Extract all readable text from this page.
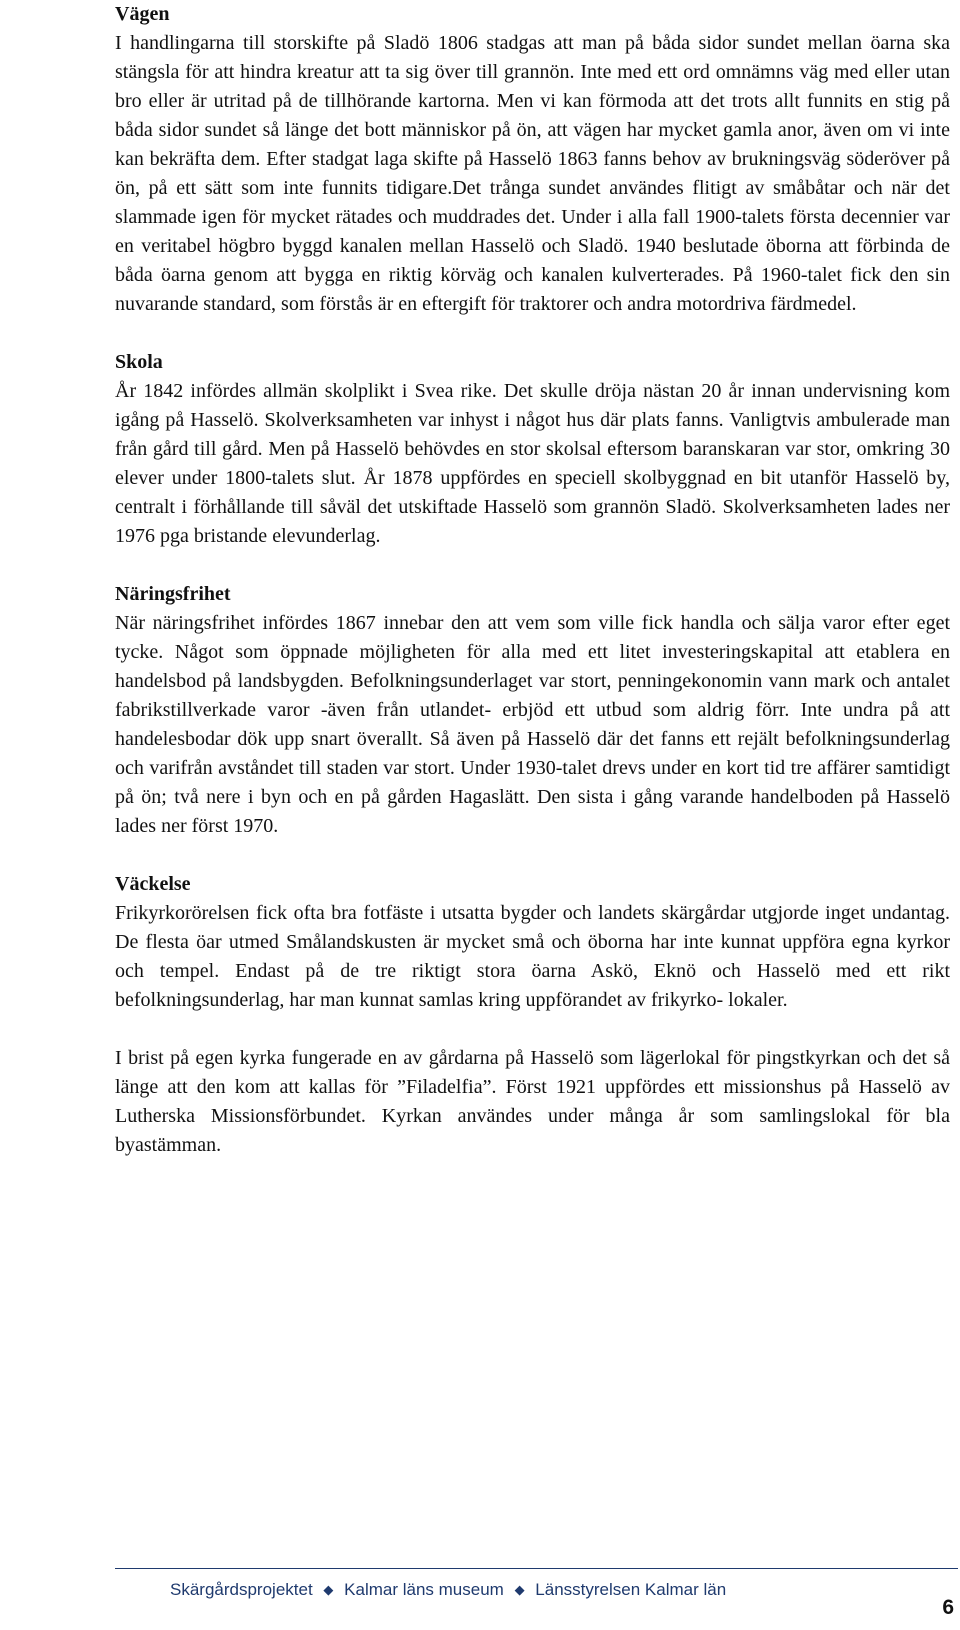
Vägen

I handlingarna till storskifte på Sladö 1806 stadgas att man på båda sidor sundet mellan öarna ska stängsla för att hindra kreatur att ta sig över till grannön. Inte med ett ord omnämns väg med eller utan bro eller är utritad på de tillhörande kartorna. Men vi kan förmoda att det trots allt funnits en stig på båda sidor sundet så länge det bott människor på ön, att vägen har mycket gamla anor, även om vi inte kan bekräfta dem. Efter stadgat laga skifte på Hasselö 1863 fanns behov av brukningsväg söderöver på ön, på ett sätt som inte funnits tidigare.Det trånga sundet användes flitigt av småbåtar och när det slammade igen för mycket rätades och muddrades det. Under i alla fall 1900-talets första decennier var en veritabel högbro byggd kanalen mellan Hasselö och Sladö. 1940 beslutade öborna att förbinda de båda öarna genom att bygga en riktig körväg och kanalen kulverterades. På 1960-talet fick den sin nuvarande standard, som förstås är en eftergift för traktorer och andra motordriva färdmedel.

Skola

År 1842 infördes allmän skolplikt i Svea rike. Det skulle dröja nästan 20 år innan undervisning kom igång på Hasselö. Skolverksamheten var inhyst i något hus där plats fanns. Vanligtvis ambulerade man från gård till gård. Men på Hasselö behövdes en stor skolsal eftersom baranskaran var stor, omkring 30 elever under 1800-talets slut. År 1878 uppfördes en speciell skolbyggnad en bit utanför Hasselö by, centralt i förhållande till såväl det utskiftade Hasselö som grannön Sladö. Skolverksamheten lades ner 1976 pga bristande elevunderlag.

Näringsfrihet

När näringsfrihet infördes 1867 innebar den att vem som ville fick handla och sälja varor efter eget tycke. Något som öppnade möjligheten för alla med ett litet investeringskapital att etablera en handelsbod på landsbygden. Befolkningsunderlaget var stort, penningekonomin vann mark och antalet fabrikstillverkade varor -även från utlandet- erbjöd ett utbud som aldrig förr. Inte undra på att handelesbodar dök upp snart överallt. Så även på Hasselö där det fanns ett rejält befolkningsunderlag och varifrån avståndet till staden var stort. Under 1930-talet drevs under en kort tid tre affärer samtidigt på ön; två nere i byn och en på gården Hagaslätt. Den sista i gång varande handelboden på Hasselö lades ner först 1970.

Väckelse

Frikyrkorörelsen fick ofta bra fotfäste i utsatta bygder och landets skärgårdar utgjorde inget undantag. De flesta öar utmed Smålandskusten är mycket små och öborna har inte kunnat uppföra egna kyrkor och tempel. Endast på de tre riktigt stora öarna Askö, Eknö och Hasselö med ett rikt befolkningsunderlag, har man kunnat samlas kring uppförandet av frikyrko- lokaler.

I brist på egen kyrka fungerade en av gårdarna på Hasselö som lägerlokal för pingstkyrkan och det så länge att den kom att kallas för ”Filadelfia”. Först 1921 uppfördes ett missionshus på Hasselö av Lutherska Missionsförbundet. Kyrkan användes under många år som samlingslokal för bla byastämman.

Skärgårdsprojektet ◆ Kalmar läns museum ◆ Länsstyrelsen Kalmar län
6
